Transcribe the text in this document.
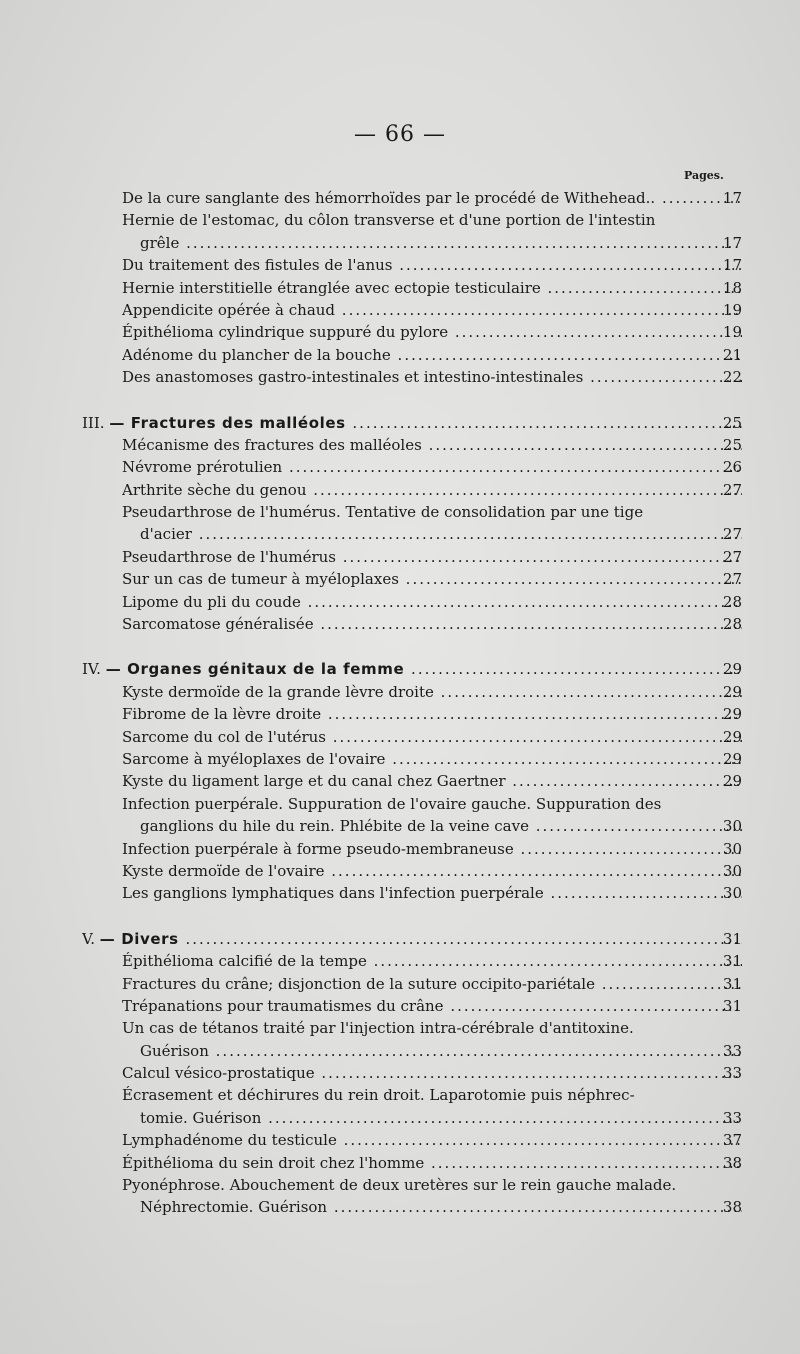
— 66 —
Pages.
De la cure sanglante des hémorrhoïdes par le procédé de Withehead.. .....	17
Hernie de l'estomac, du côlon transverse et d'une portion de l'intestin
grêle .....	17
Du traitement des fistules de l'anus .....	17
Hernie interstitielle étranglée avec ectopie testiculaire .....	18
Appendicite opérée à chaud .....	19
Épithélioma cylindrique suppuré du pylore .....	19
Adénome du plancher de la bouche .....	21
Des anastomoses gastro-intestinales et intestino-intestinales .....	22
III. — Fractures des malléoles .....	25
Mécanisme des fractures des malléoles .....	25
Névrome prérotulien .....	26
Arthrite sèche du genou .....	27
Pseudarthrose de l'humérus. Tentative de consolidation par une tige
d'acier .....	27
Pseudarthrose de l'humérus .....	27
Sur un cas de tumeur à myéloplaxes .....	27
Lipome du pli du coude .....	28
Sarcomatose généralisée .....	28
IV. — Organes génitaux de la femme .....	29
Kyste dermoïde de la grande lèvre droite .....	29
Fibrome de la lèvre droite .....	29
Sarcome du col de l'utérus .....	29
Sarcome à myéloplaxes de l'ovaire .....	29
Kyste du ligament large et du canal chez Gaertner .....	29
Infection puerpérale. Suppuration de l'ovaire gauche. Suppuration des
ganglions du hile du rein. Phlébite de la veine cave .....	30
Infection puerpérale à forme pseudo-membraneuse .....	30
Kyste dermoïde de l'ovaire .....	30
Les ganglions lymphatiques dans l'infection puerpérale .....	30
V. — Divers .....	31
Épithélioma calcifié de la tempe .....	31
Fractures du crâne; disjonction de la suture occipito-pariétale .....	31
Trépanations pour traumatismes du crâne .....	31
Un cas de tétanos traité par l'injection intra-cérébrale d'antitoxine.
Guérison .....	33
Calcul vésico-prostatique .....	33
Écrasement et déchirures du rein droit. Laparotomie puis néphrec-
tomie. Guérison .....	33
Lymphadénome du testicule .....	37
Épithélioma du sein droit chez l'homme .....	38
Pyonéphrose. Abouchement de deux uretères sur le rein gauche malade.
Néphrectomie. Guérison .....	38
